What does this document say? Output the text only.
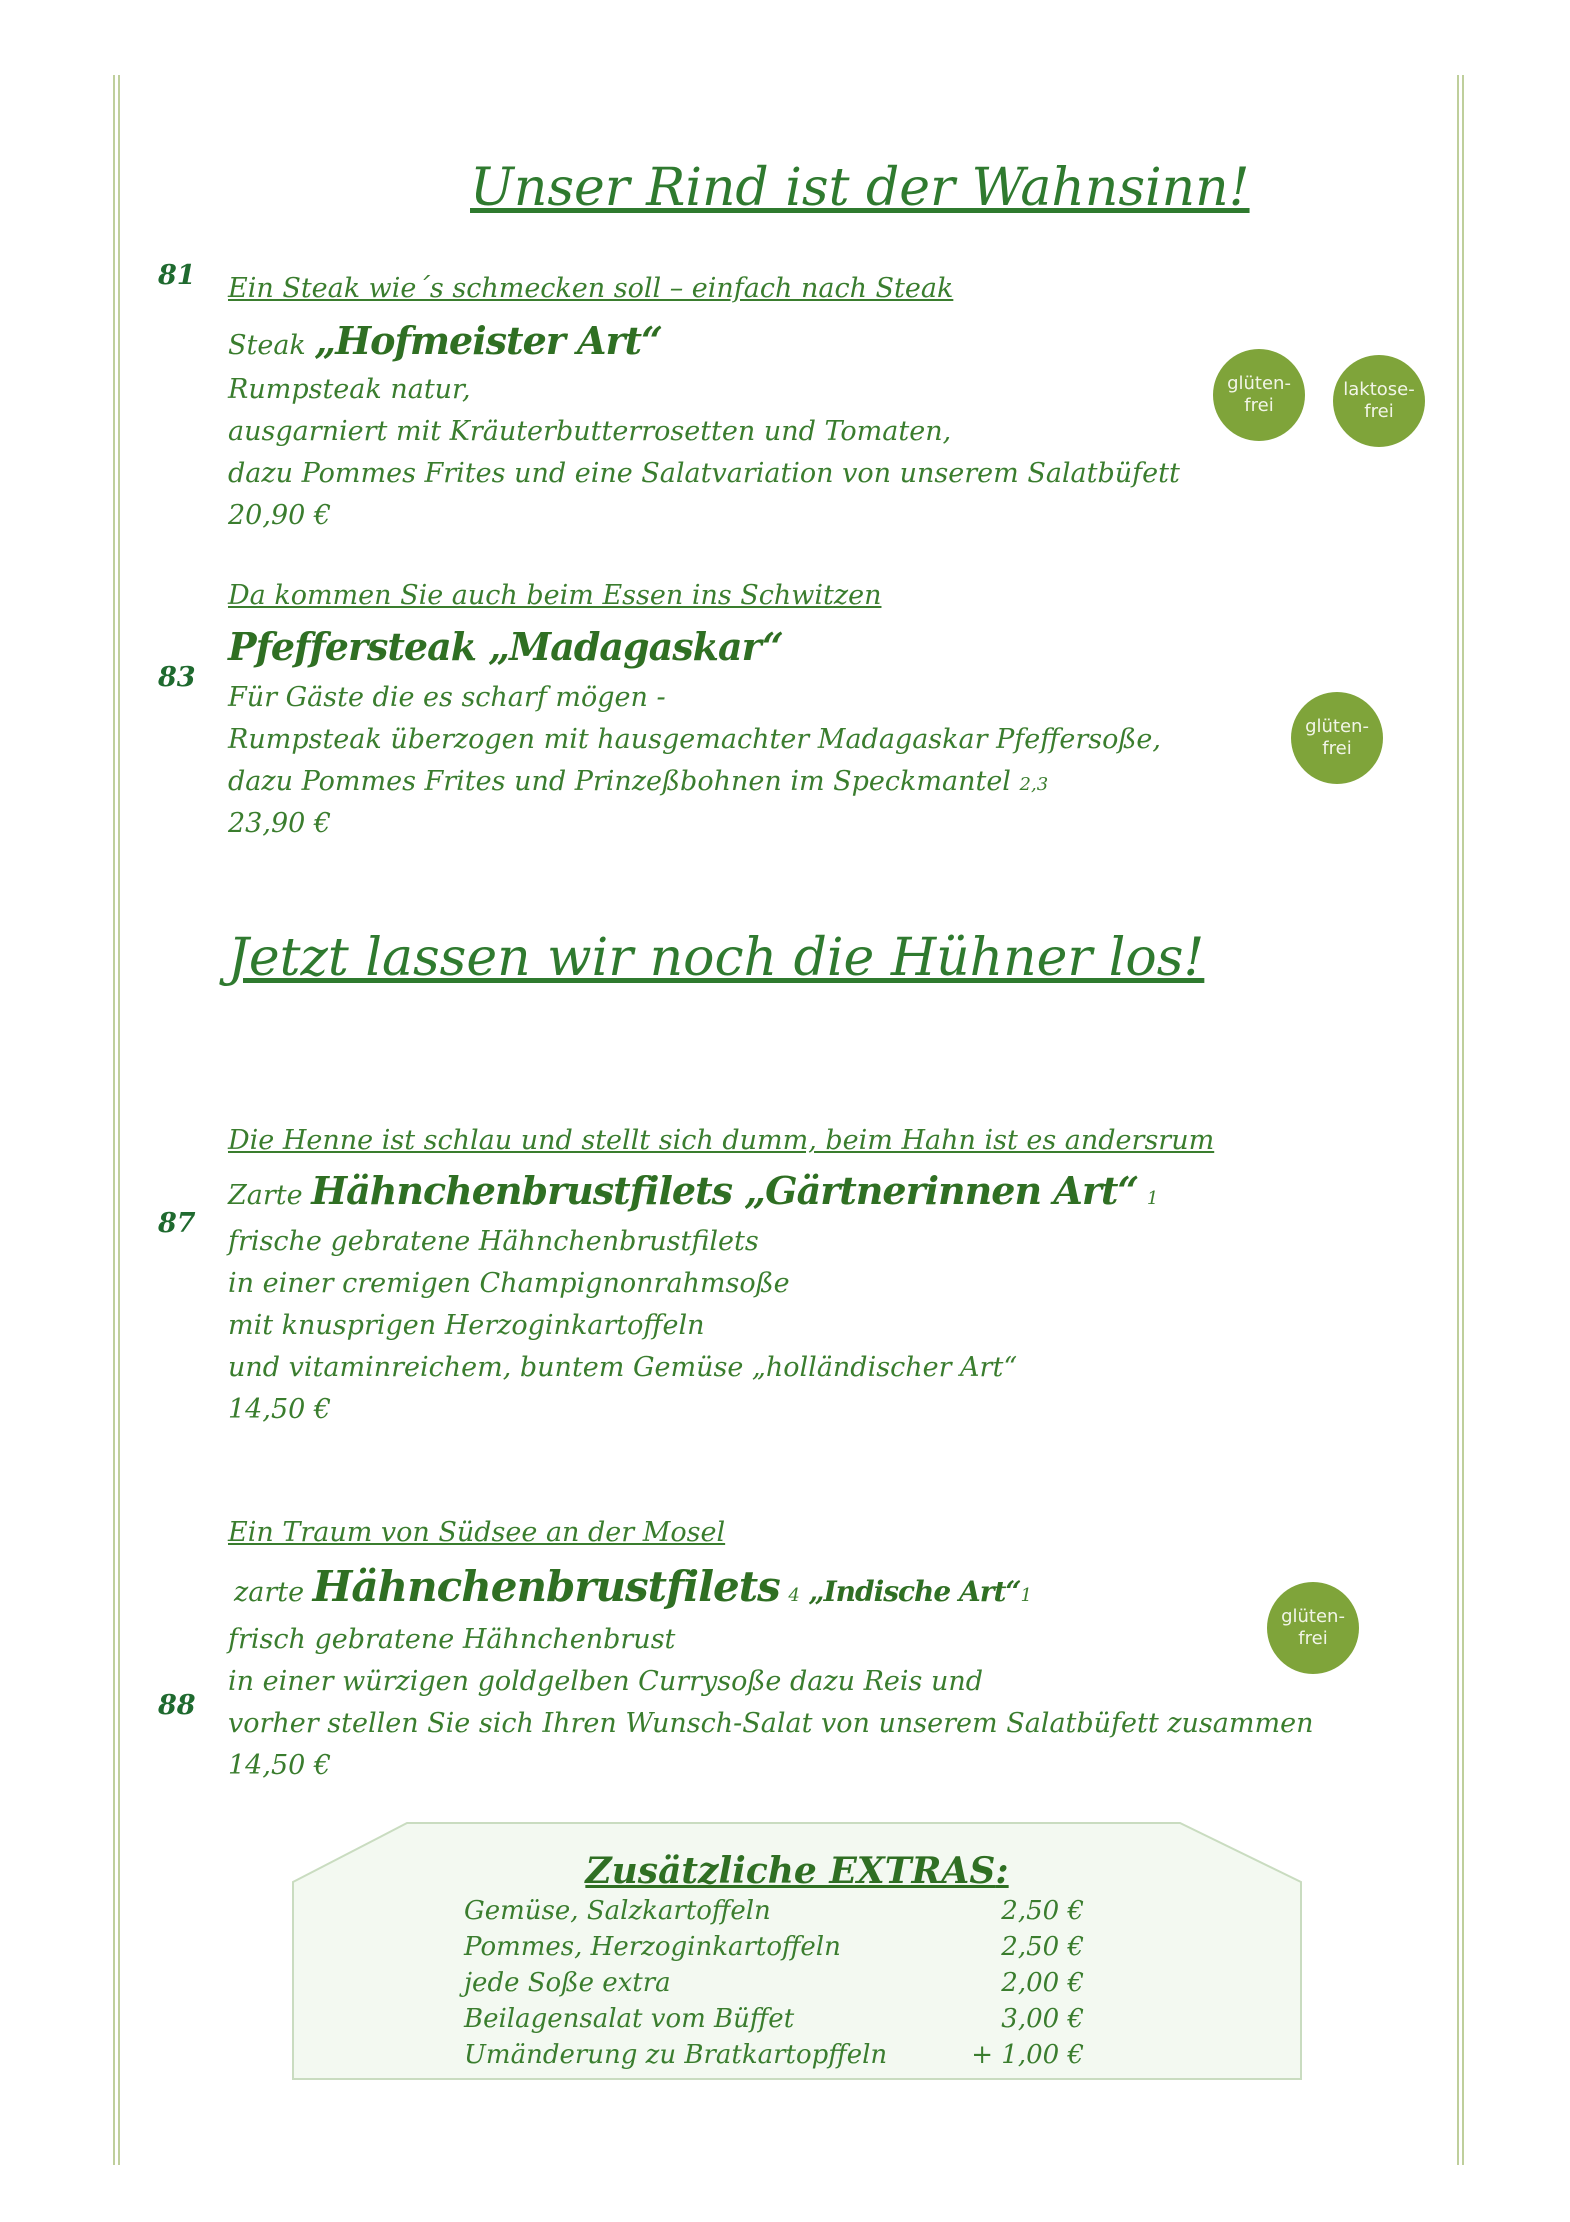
Unser Rind ist der Wahnsinn!
81 Ein Steak wie´s schmecken soll – einfach nach Steak
Steak „Hofmeister Art“
Rumpsteak natur,
ausgarniert mit Kräuterbutterrosetten und Tomaten,
dazu Pommes Frites und eine Salatvariation von unserem Salatbüfett
20,90 €
glüten-
frei
laktose-
frei
Da kommen Sie auch beim Essen ins Schwitzen
Pfeffersteak „Madagaskar“
83
Für Gäste die es scharf mögen -
Rumpsteak überzogen mit hausgemachter Madagaskar Pfeffersoße,
dazu Pommes Frites und Prinzeßbohnen im Speckmantel 2,3
23,90 €
glüten-
frei
Jetzt lassen wir noch die Hühner los!
Die Henne ist schlau und stellt sich dumm, beim Hahn ist es andersrum
Zarte Hähnchenbrustfilets „Gärtnerinnen Art“ 1
87
frische gebratene Hähnchenbrustfilets
in einer cremigen Champignonrahmsoße
mit knusprigen Herzoginkartoffeln
und vitaminreichem, buntem Gemüse „holländischer Art“
14,50 €
Ein Traum von Südsee an der Mosel
zarte Hähnchenbrustfilets 4 „Indische Art“1
frisch gebratene Hähnchenbrust
in einer würzigen goldgelben Currysoße dazu Reis und
88
vorher stellen Sie sich Ihren Wunsch-Salat von unserem Salatbüfett zusammen
14,50 €
glüten-
frei
Zusätzliche EXTRAS:
Gemüse, Salzkartoffeln	2,50 €
Pommes, Herzoginkartoffeln	2,50 €
jede Soße extra	2,00 €
Beilagensalat vom Büffet	3,00 €
Umänderung zu Bratkartopffeln	+ 1,00 €
